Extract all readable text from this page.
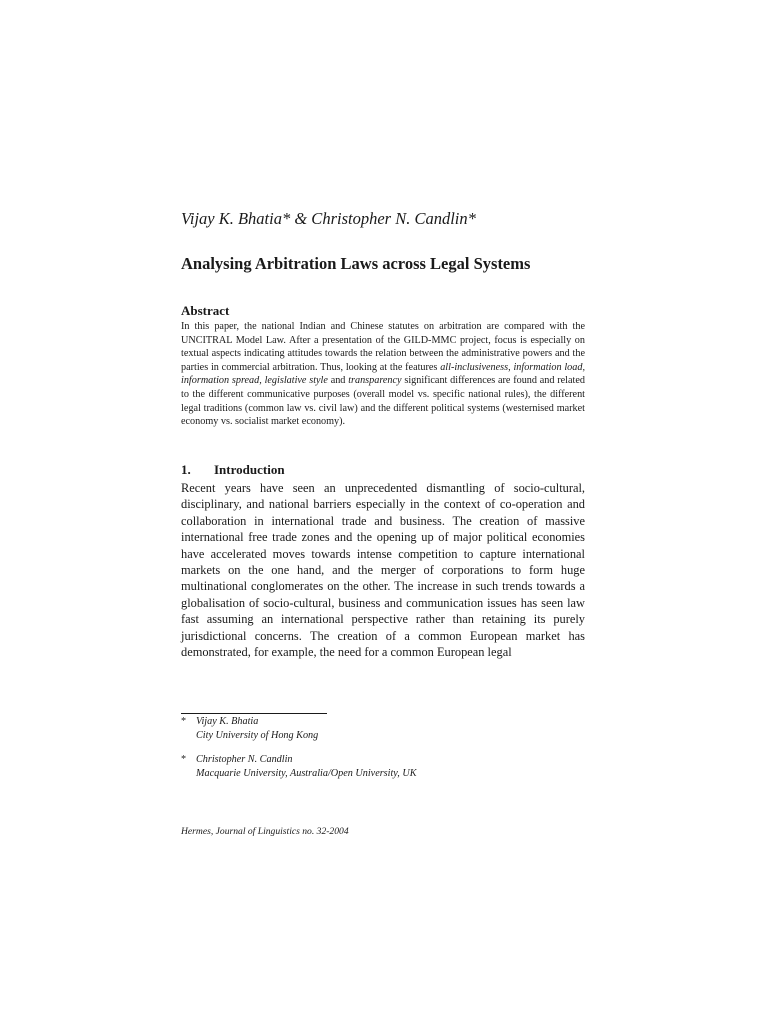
Vijay K. Bhatia* & Christopher N. Candlin*
Analysing Arbitration Laws across Legal Systems
Abstract
In this paper, the national Indian and Chinese statutes on arbitration are compared with the UNCITRAL Model Law. After a presentation of the GILD-MMC project, focus is especially on textual aspects indicating attitudes towards the relation between the administrative powers and the parties in commercial arbitration. Thus, looking at the features all-inclusiveness, information load, information spread, legislative style and transparency significant differences are found and related to the different communicative purposes (overall model vs. specific national rules), the different legal traditions (common law vs. civil law) and the different political systems (westernised market economy vs. socialist market economy).
1. Introduction
Recent years have seen an unprecedented dismantling of socio-cultural, disciplinary, and national barriers especially in the context of co-operation and collaboration in international trade and business. The creation of massive international free trade zones and the opening up of major political economies have accelerated moves towards intense competition to capture international markets on the one hand, and the merger of corporations to form huge multinational conglomerates on the other. The increase in such trends towards a globalisation of socio-cultural, business and communication issues has seen law fast assuming an international perspective rather than retaining its purely jurisdictional concerns. The creation of a common European market has demonstrated, for example, the need for a common European legal
* Vijay K. Bhatia
City University of Hong Kong
* Christopher N. Candlin
Macquarie University, Australia/Open University, UK
Hermes, Journal of Linguistics no. 32-2004
